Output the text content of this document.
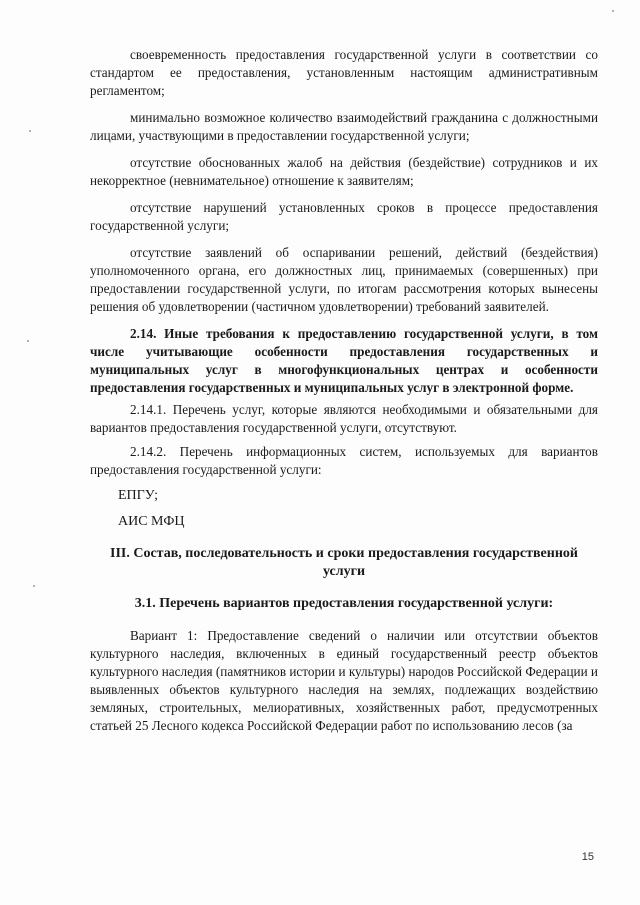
своевременность предоставления государственной услуги в соответствии со стандартом ее предоставления, установленным настоящим административным регламентом;

минимально возможное количество взаимодействий гражданина с должностными лицами, участвующими в предоставлении государственной услуги;

отсутствие обоснованных жалоб на действия (бездействие) сотрудников и их некорректное (невнимательное) отношение к заявителям;

отсутствие нарушений установленных сроков в процессе предоставления государственной услуги;

отсутствие заявлений об оспаривании решений, действий (бездействия) уполномоченного органа, его должностных лиц, принимаемых (совершенных) при предоставлении государственной услуги, по итогам рассмотрения которых вынесены решения об удовлетворении (частичном удовлетворении) требований заявителей.

2.14. Иные требования к предоставлению государственной услуги, в том числе учитывающие особенности предоставления государственных и муниципальных услуг в многофункциональных центрах и особенности предоставления государственных и муниципальных услуг в электронной форме.

2.14.1. Перечень услуг, которые являются необходимыми и обязательными для вариантов предоставления государственной услуги, отсутствуют.

2.14.2. Перечень информационных систем, используемых для вариантов предоставления государственной услуги:

ЕПГУ;

АИС МФЦ

III. Состав, последовательность и сроки предоставления государственной услуги
3.1. Перечень вариантов предоставления государственной услуги:

Вариант 1: Предоставление сведений о наличии или отсутствии объектов культурного наследия, включенных в единый государственный реестр объектов культурного наследия (памятников истории и культуры) народов Российской Федерации и выявленных объектов культурного наследия на землях, подлежащих воздействию земляных, строительных, мелиоративных, хозяйственных работ, предусмотренных статьей 25 Лесного кодекса Российской Федерации работ по использованию лесов (за

15
